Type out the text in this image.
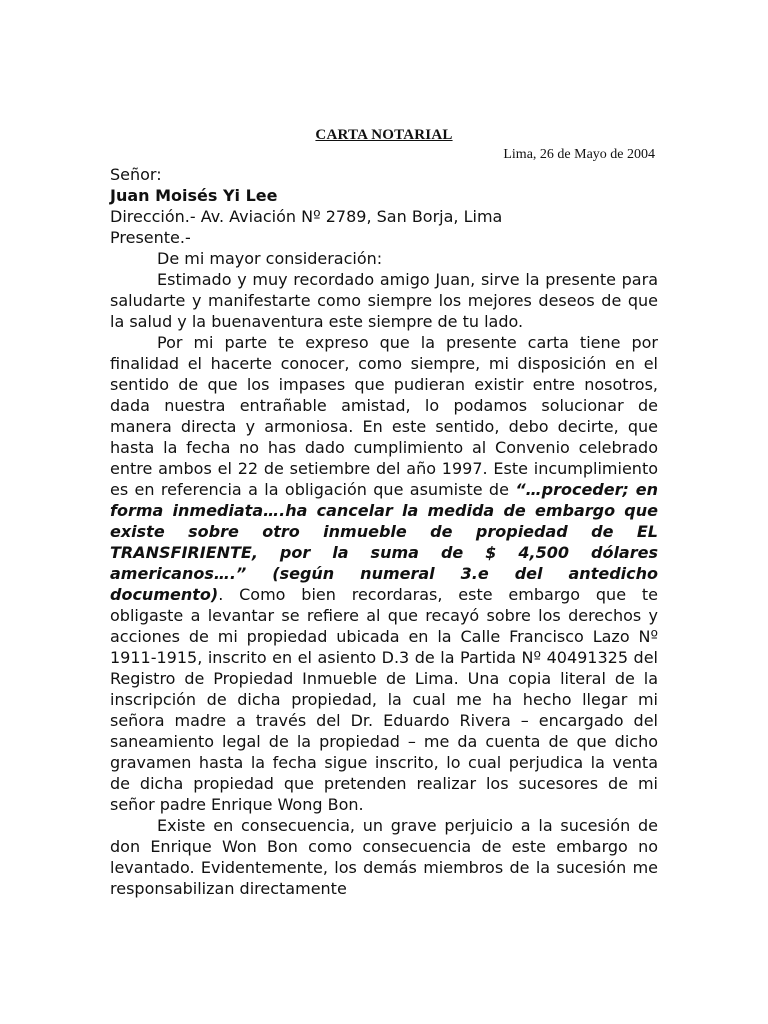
CARTA NOTARIAL
Lima, 26 de Mayo de 2004
Señor:
Juan Moisés Yi Lee
Dirección.- Av. Aviación Nº 2789, San Borja, Lima
Presente.-
De mi mayor consideración:

Estimado y muy recordado amigo Juan, sirve la presente para saludarte y manifestarte como siempre los mejores deseos de que la salud y la buenaventura este siempre de tu lado.

Por mi parte te expreso que la presente carta tiene por finalidad el hacerte conocer, como siempre, mi disposición en el sentido de que los impases que pudieran existir entre nosotros, dada nuestra entrañable amistad, lo podamos solucionar de manera directa y armoniosa. En este sentido, debo decirte, que hasta la fecha no has dado cumplimiento al Convenio celebrado entre ambos el 22 de setiembre del año 1997. Este incumplimiento es en referencia a la obligación que asumiste de “…proceder; en forma inmediata….ha cancelar la medida de embargo que existe sobre otro inmueble de propiedad de EL TRANSFIRIENTE, por la suma de $ 4,500 dólares americanos….” (según numeral 3.e del antedicho documento). Como bien recordaras, este embargo que te obligaste a levantar se refiere al que recayó sobre los derechos y acciones de mi propiedad ubicada en la Calle Francisco Lazo Nº 1911-1915, inscrito en el asiento D.3 de la Partida Nº 40491325 del Registro de Propiedad Inmueble de Lima. Una copia literal de la inscripción de dicha propiedad, la cual me ha hecho llegar mi señora madre a través del Dr. Eduardo Rivera – encargado del saneamiento legal de la propiedad – me da cuenta de que dicho gravamen hasta la fecha sigue inscrito, lo cual perjudica la venta de dicha propiedad que pretenden realizar los sucesores de mi señor padre Enrique Wong Bon.

Existe en consecuencia, un grave perjuicio a la sucesión de don Enrique Won Bon como consecuencia de este embargo no levantado. Evidentemente, los demás miembros de la sucesión me responsabilizan directamente
